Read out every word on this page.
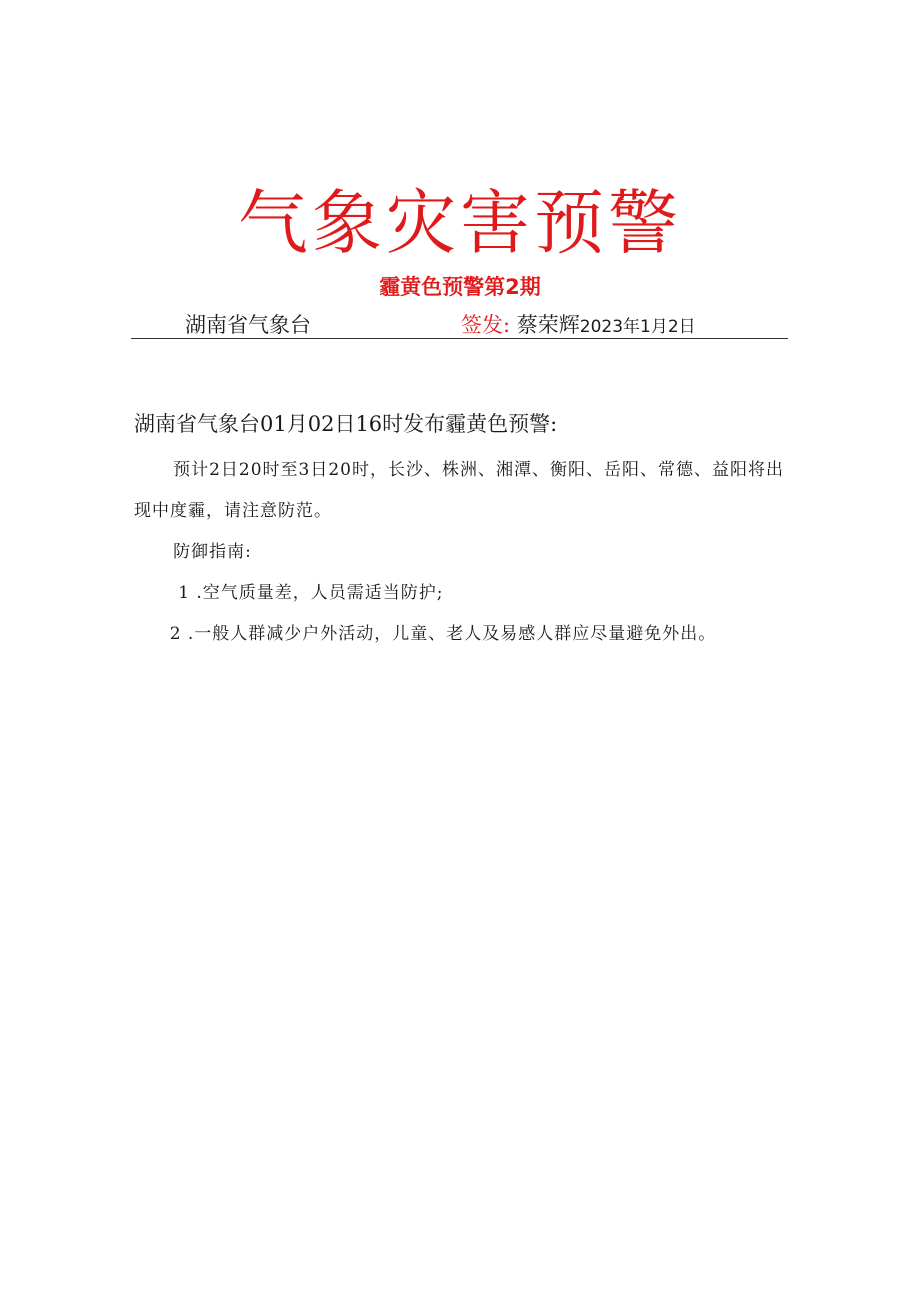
气象灾害预警
霾黄色预警第2期
湖南省气象台	签发: 蔡荣辉2023年1月2日

湖南省气象台01月02日16时发布霾黄色预警:

预计2日20时至3日20时，长沙、株洲、湘潭、衡阳、岳阳、常德、益阳将出现中度霾，请注意防范。

防御指南:

1 .空气质量差，人员需适当防护;

2 .一般人群减少户外活动，儿童、老人及易感人群应尽量避免外出。
